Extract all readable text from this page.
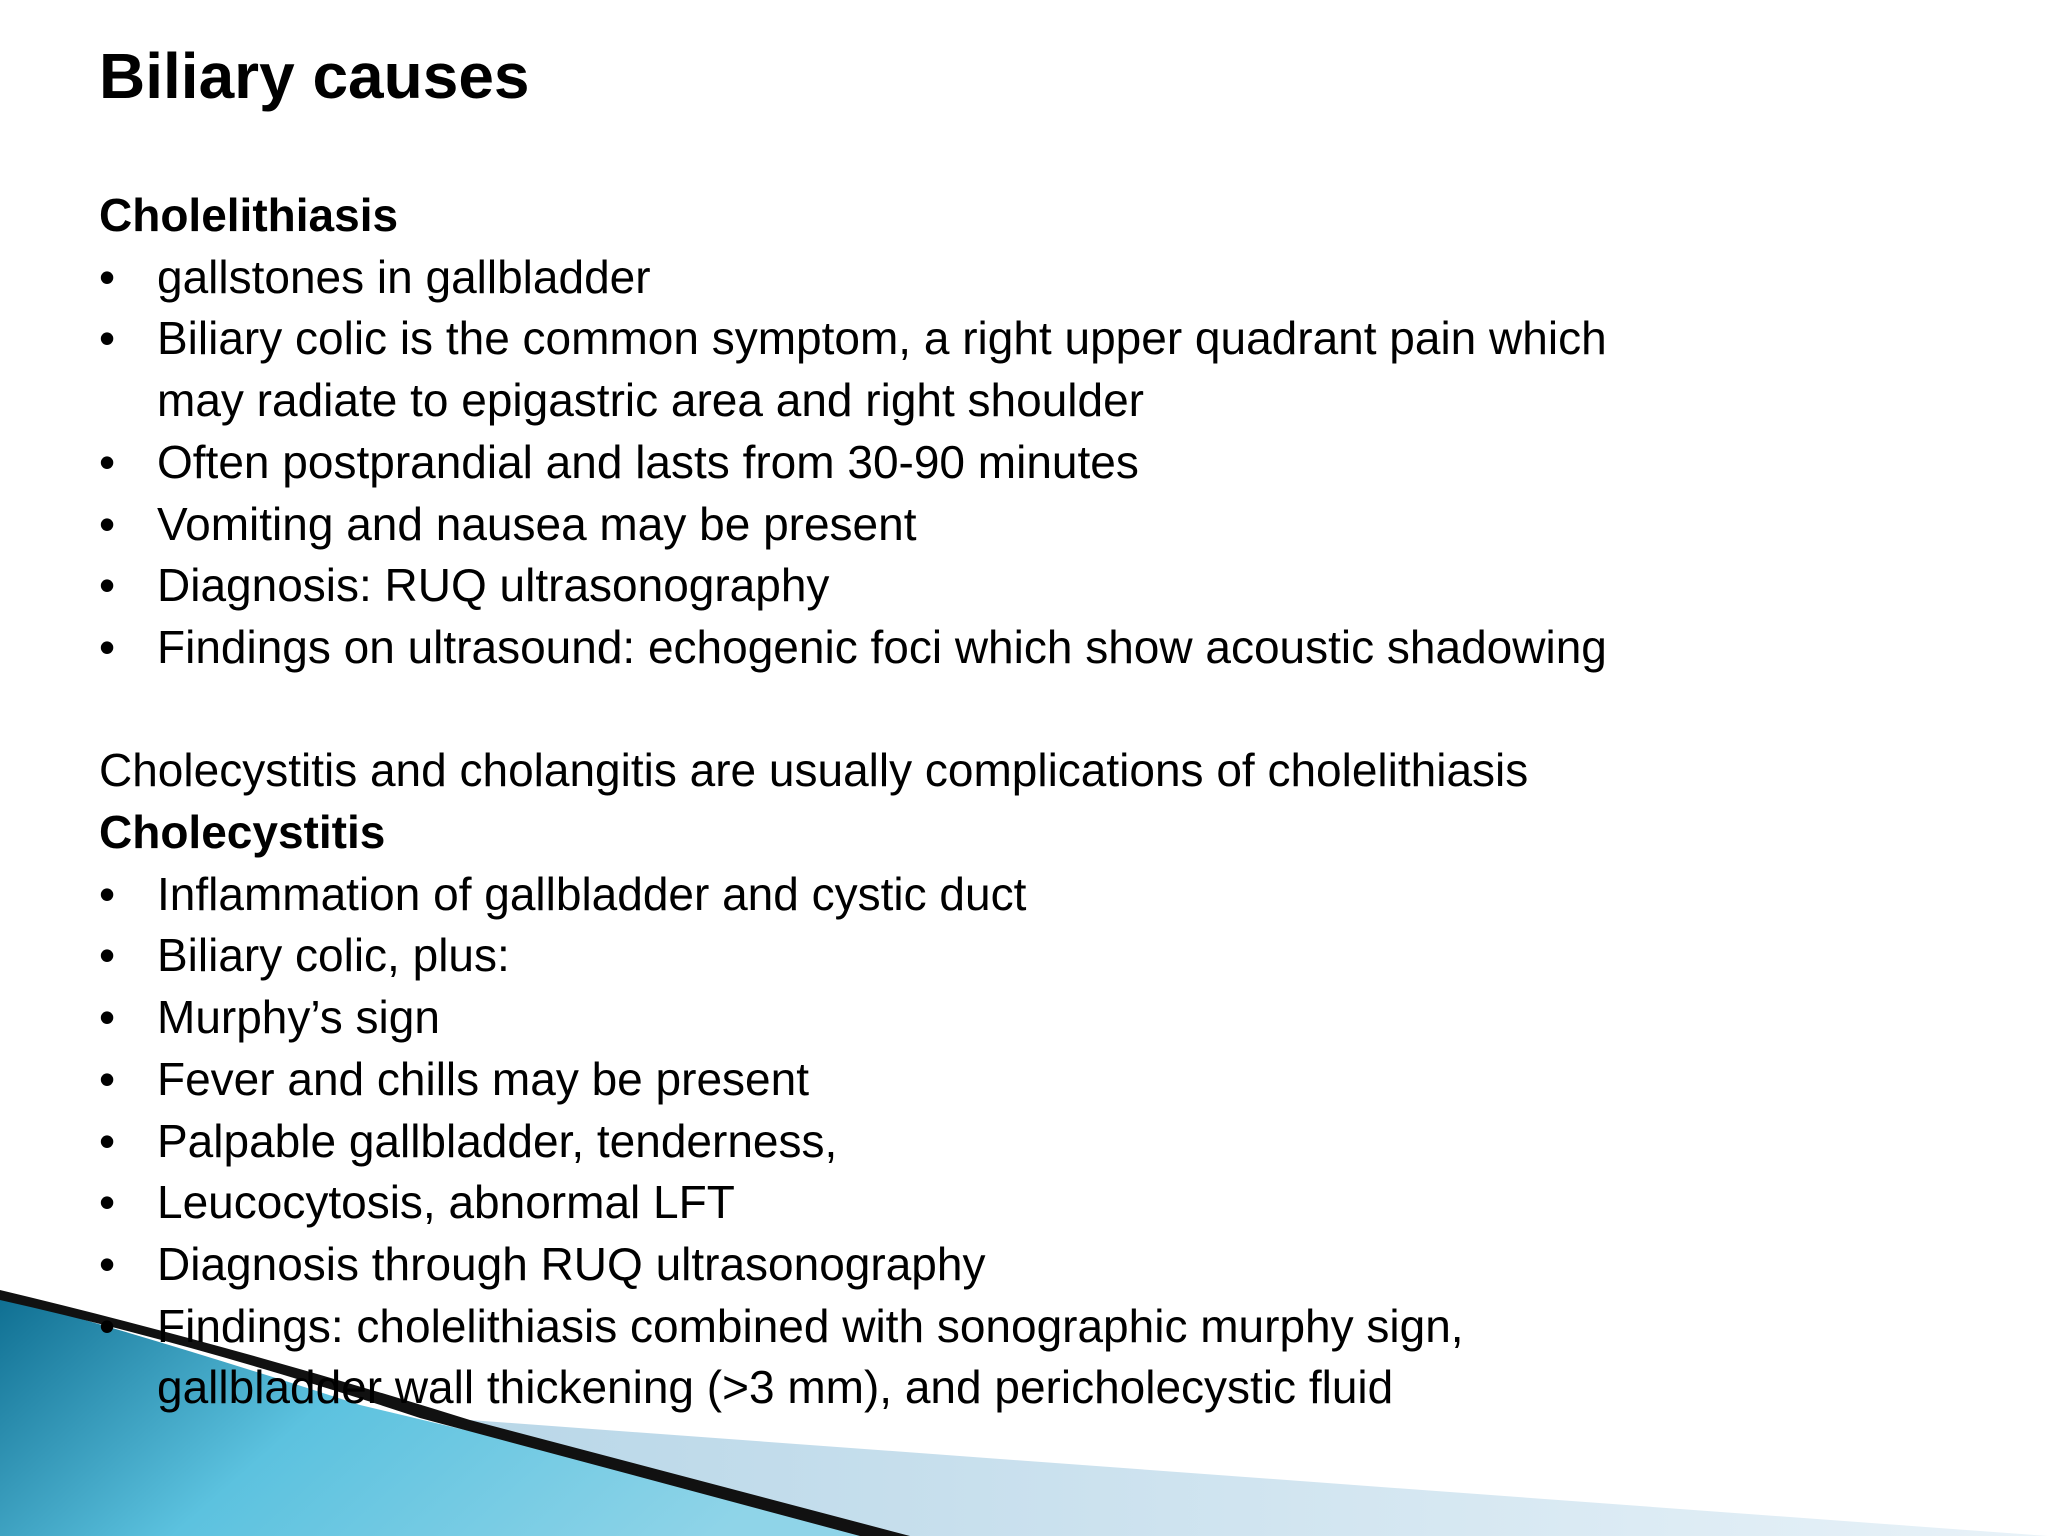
Biliary causes

Cholelithiasis

• gallstones in gallbladder
• Biliary colic is the common symptom, a right upper quadrant pain which
may radiate to epigastric area and right shoulder
• Often postprandial and lasts from 30-90 minutes
• Vomiting and nausea may be present
• Diagnosis: RUQ ultrasonography
• Findings on ultrasound: echogenic foci which show acoustic shadowing

Cholecystitis and cholangitis are usually complications of cholelithiasis

Cholecystitis

• Inflammation of gallbladder and cystic duct
• Biliary colic, plus:
• Murphy’s sign
• Fever and chills may be present
• Palpable gallbladder, tenderness,
• Leucocytosis, abnormal LFT
• Diagnosis through RUQ ultrasonography
• Findings: cholelithiasis combined with sonographic murphy sign,
gallbladder wall thickening (>3 mm), and pericholecystic fluid
